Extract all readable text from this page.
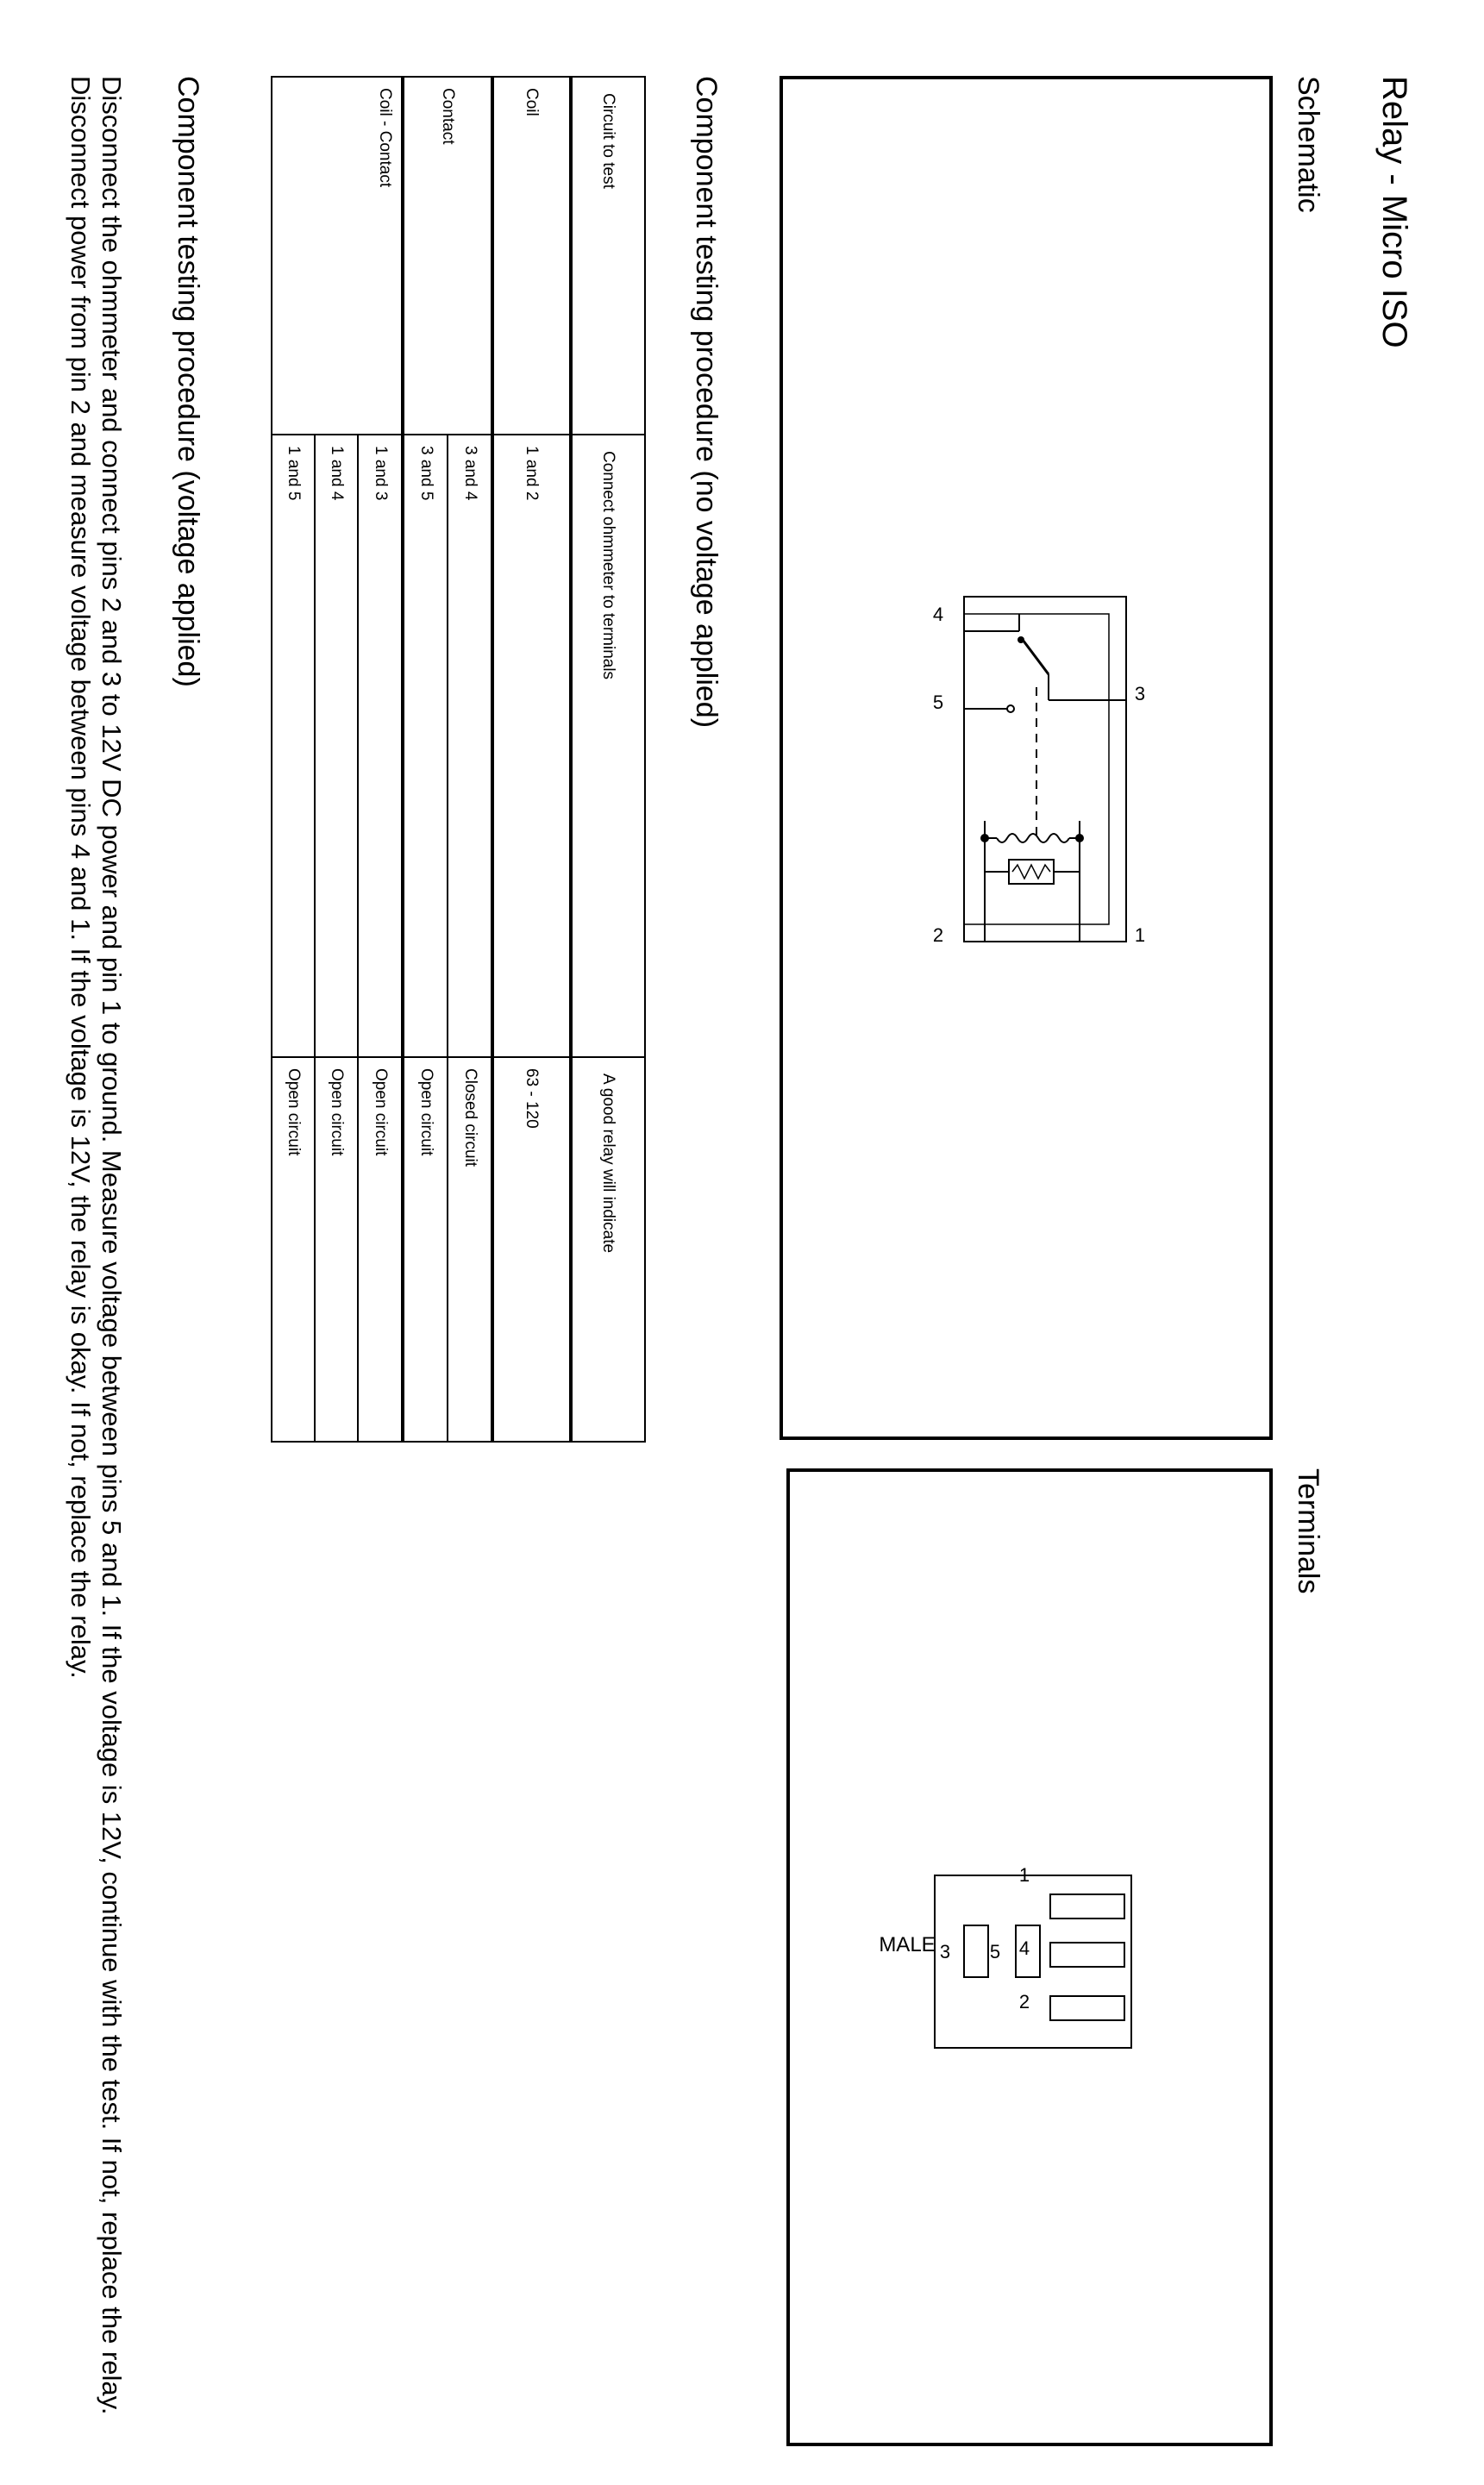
Relay - Micro ISO
Schematic
3
1
4
5
2
Terminals
1
4
5
2
3
MALE
Component testing procedure (no voltage applied)
Circuit to test	Connect ohmmeter to terminals	A good relay will indicate
Coil	1 and 2	63 - 120
Contact	3 and 4	Closed circuit
	3 and 5	Open circuit
Coil - Contact	1 and 3	Open circuit
	1 and 4	Open circuit
	1 and 5	Open circuit
Component testing procedure (voltage applied)
Disconnect the ohmmeter and connect pins 2 and 3 to 12V DC power and pin 1 to ground. Measure voltage between pins 5 and 1. If the voltage is 12V, continue with the test. If not, replace the relay. Disconnect power from pin 2 and measure voltage between pins 4 and 1. If the voltage is 12V, the relay is okay. If not, replace the relay.
